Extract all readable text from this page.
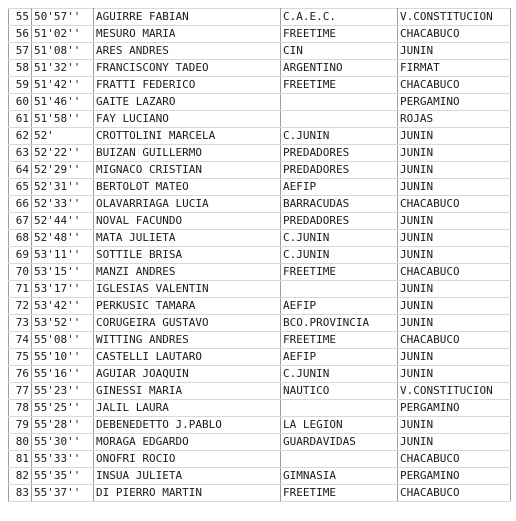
55	50'57''	AGUIRRE FABIAN	C.A.E.C.	V.CONSTITUCION
56	51'02''	MESURO MARIA	FREETIME	CHACABUCO
57	51'08''	ARES ANDRES	CIN	JUNIN
58	51'32''	FRANCISCONY TADEO	ARGENTINO	FIRMAT
59	51'42''	FRATTI FEDERICO	FREETIME	CHACABUCO
60	51'46''	GAITE LAZARO		PERGAMINO
61	51'58''	FAY LUCIANO		ROJAS
62	52'	CROTTOLINI MARCELA	C.JUNIN	JUNIN
63	52'22''	BUIZAN GUILLERMO	PREDADORES	JUNIN
64	52'29''	MIGNACO CRISTIAN	PREDADORES	JUNIN
65	52'31''	BERTOLOT MATEO	AEFIP	JUNIN
66	52'33''	OLAVARRIAGA LUCIA	BARRACUDAS	CHACABUCO
67	52'44''	NOVAL FACUNDO	PREDADORES	JUNIN
68	52'48''	MATA JULIETA	C.JUNIN	JUNIN
69	53'11''	SOTTILE BRISA	C.JUNIN	JUNIN
70	53'15''	MANZI ANDRES	FREETIME	CHACABUCO
71	53'17''	IGLESIAS VALENTIN		JUNIN
72	53'42''	PERKUSIC TAMARA	AEFIP	JUNIN
73	53'52''	CORUGEIRA GUSTAVO	BCO.PROVINCIA	JUNIN
74	55'08''	WITTING ANDRES	FREETIME	CHACABUCO
75	55'10''	CASTELLI LAUTARO	AEFIP	JUNIN
76	55'16''	AGUIAR JOAQUIN	C.JUNIN	JUNIN
77	55'23''	GINESSI MARIA	NAUTICO	V.CONSTITUCION
78	55'25''	JALIL LAURA		PERGAMINO
79	55'28''	DEBENEDETTO J.PABLO	LA LEGION	JUNIN
80	55'30''	MORAGA EDGARDO	GUARDAVIDAS	JUNIN
81	55'33''	ONOFRI ROCIO		CHACABUCO
82	55'35''	INSUA JULIETA	GIMNASIA	PERGAMINO
83	55'37''	DI PIERRO MARTIN	FREETIME	CHACABUCO
